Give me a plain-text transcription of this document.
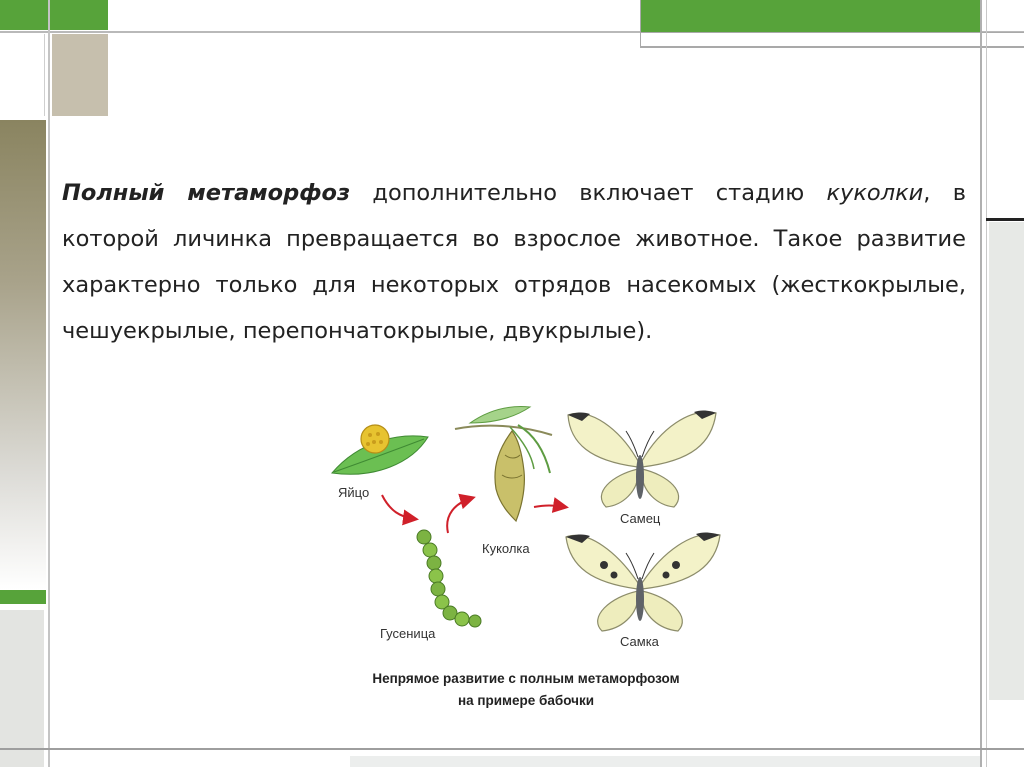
Полный метаморфоз дополнительно включает стадию куколки, в которой личинка превращается во взрослое животное. Такое развитие характерно только для некоторых отрядов насекомых (жесткокрылые, чешуекрылые, перепончатокрылые, двукрылые).

Яйцо
Гусеница
Куколка
Самец
Самка
Непрямое развитие с полным метаморфозом
на примере бабочки
